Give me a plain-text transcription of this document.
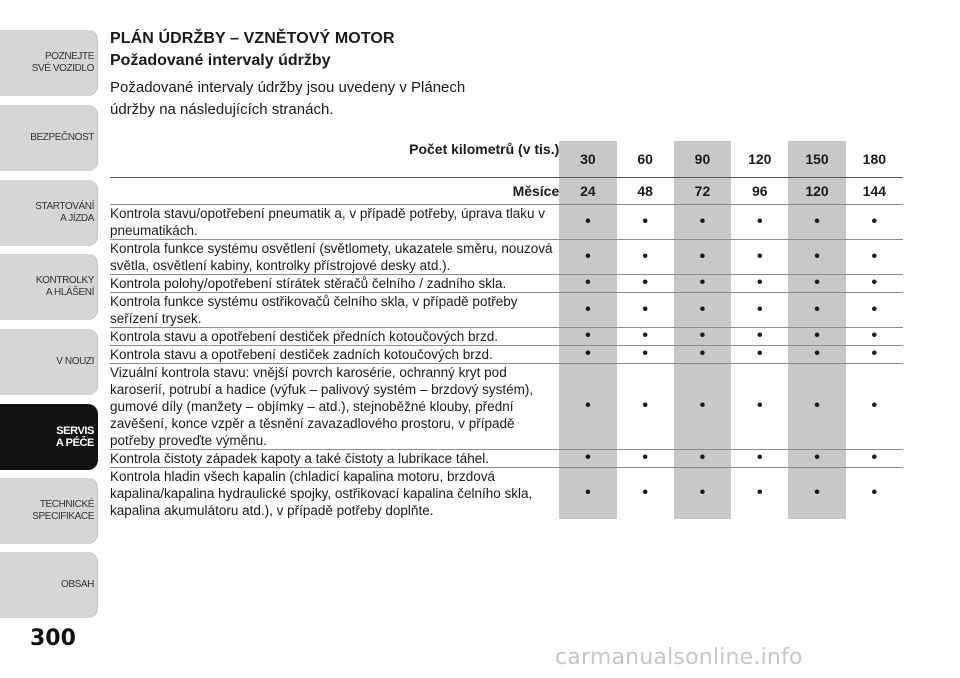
POZNEJTE
SVÉ VOZIDLO
BEZPEČNOST
STARTOVÁNÍ
A JÍZDA
KONTROLKY
A HLÁŠENÍ
V NOUZI
SERVIS
A PÉČE
TECHNICKÉ
SPECIFIKACE
OBSAH
300
carmanualsonline.info
PLÁN ÚDRŽBY – VZNĚTOVÝ MOTOR
Požadované intervaly údržby

Požadované intervaly údržby jsou uvedeny v Plánech údržby na následujících stranách.

Počet kilometrů (v tis.)	30	60	90	120	150	180
Měsíce	24	48	72	96	120	144
Kontrola stavu/opotřebení pneumatik a, v případě potřeby, úprava tlaku v pneumatikách.	•	•	•	•	•	•
Kontrola funkce systému osvětlení (světlomety, ukazatele směru, nouzová světla, osvětlení kabiny, kontrolky přístrojové desky atd.).	•	•	•	•	•	•
Kontrola polohy/opotřebení stírátek stěračů čelního / zadního skla.	•	•	•	•	•	•
Kontrola funkce systému ostřikovačů čelního skla, v případě potřeby seřízení trysek.	•	•	•	•	•	•
Kontrola stavu a opotřebení destiček předních kotoučových brzd.	•	•	•	•	•	•
Kontrola stavu a opotřebení destiček zadních kotoučových brzd.	•	•	•	•	•	•
Vizuální kontrola stavu: vnější povrch karosérie, ochranný kryt pod karoserií, potrubí a hadice (výfuk – palivový systém – brzdový systém), gumové díly (manžety – objímky – atd.), stejnoběžné klouby, přední zavěšení, konce vzpěr a těsnění zavazadlového prostoru, v případě potřeby proveďte výměnu.	•	•	•	•	•	•
Kontrola čistoty západek kapoty a také čistoty a lubrikace táhel.	•	•	•	•	•	•
Kontrola hladin všech kapalin (chladicí kapalina motoru, brzdová kapalina/kapalina hydraulické spojky, ostřikovací kapalina čelního skla, kapalina akumulátoru atd.), v případě potřeby doplňte.	•	•	•	•	•	•
